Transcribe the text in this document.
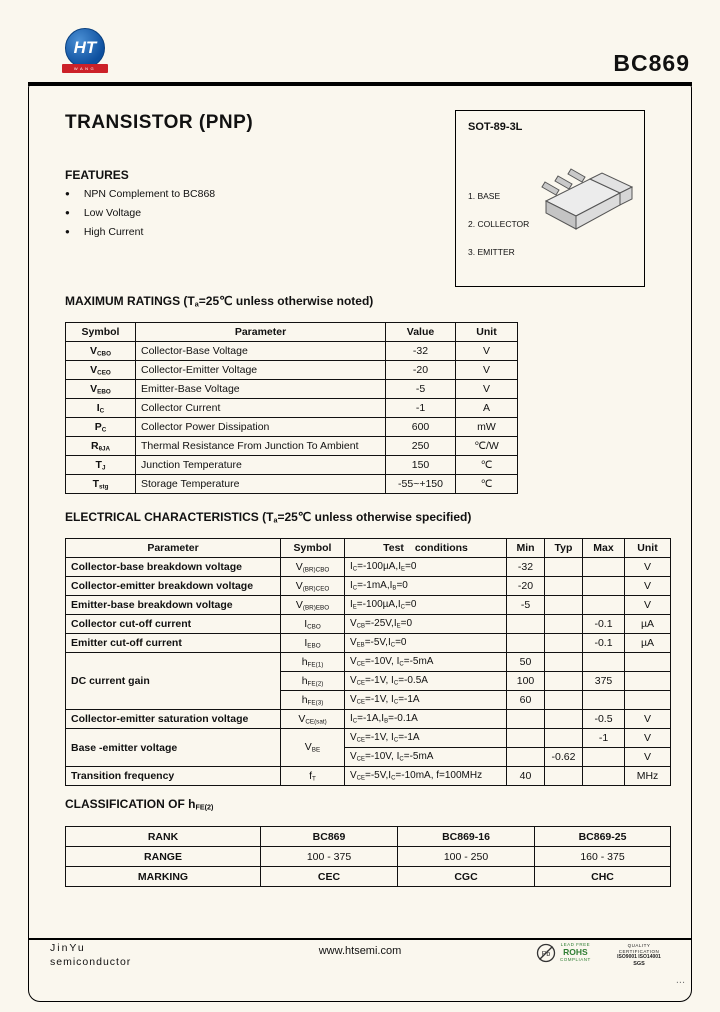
HT
WANG	BC869
TRANSISTOR (PNP)	SOT-89-3L
1. BASE
2. COLLECTOR
3. EMITTER
FEATURES
● NPN Complement to BC868
● Low Voltage
● High Current
MAXIMUM RATINGS ($T_a=25℃$ unless otherwise noted)
Symbol	Parameter	Value	Unit
$V_{CBO}$	Collector-Base Voltage	-32	V
$V_{CEO}$	Collector-Emitter Voltage	-20	V
$V_{EBO}$	Emitter-Base Voltage	-5	V
$I_C$	Collector Current	-1	A
$P_C$	Collector Power Dissipation	600	mW
$R_{\theta JA}$	Thermal Resistance From Junction To Ambient	250	℃/W
$T_J$	Junction Temperature	150	℃
$T_{stg}$	Storage Temperature	-55~+150	℃
ELECTRICAL CHARACTERISTICS ($T_a=25℃$ unless otherwise specified)
Parameter	Symbol	Test conditions	Min	Typ	Max	Unit
Collector-base breakdown voltage	$V_{(BR)CBO}$	$I_C=-100\mu A,I_E=0$	-32			V
Collector-emitter breakdown voltage	$V_{(BR)CEO}$	$I_C=-1mA,I_B=0$	-20			V
Emitter-base breakdown voltage	$V_{(BR)EBO}$	$I_E=-100\mu A,I_C=0$	-5			V
Collector cut-off current	$I_{CBO}$	$V_{CB}=-25V,I_E=0$			-0.1	µA
Emitter cut-off current	$I_{EBO}$	$V_{EB}=-5V,I_C=0$			-0.1	µA
DC current gain	$h_{FE(1)}$	$V_{CE}=-10V$, $I_C=-5mA$	50			
	$h_{FE(2)}$	$V_{CE}=-1V$, $I_C=-0.5A$	100		375	
	$h_{FE(3)}$	$V_{CE}=-1V$, $I_C=-1A$	60			
Collector-emitter saturation voltage	$V_{CE(sat)}$	$I_C=-1A,I_B=-0.1A$			-0.5	V
Base -emitter voltage	$V_{BE}$	$V_{CE}=-1V$, $I_C=-1A$			-1	V
		$V_{CE}=-10V$, $I_C=-5mA$		-0.62		V
Transition frequency	$f_T$	$V_{CE}=-5V,I_C=-10mA$, f=100MHz	40			MHz
CLASSIFICATION OF $h_{FE(2)}$
RANK	BC869	BC869-16	BC869-25
RANGE	100 - 375	100 - 250	160 - 375
MARKING	CEC	CGC	CHC
JinYu
semiconductor
www.htsemi.com	Pb
LEAD FREE
ROHS
COMPLIANT
QUALITY CERTIFICATION
ISO9001 ISO14001
SGS
...
